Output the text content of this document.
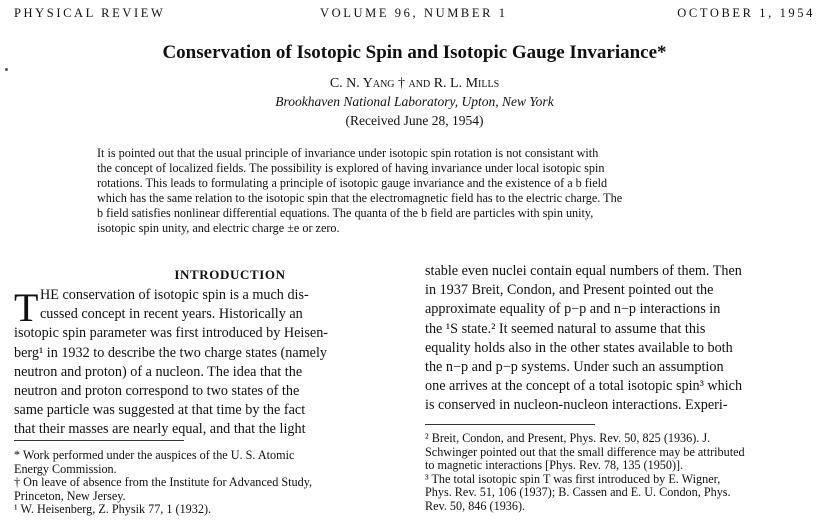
PHYSICAL REVIEW	VOLUME 96, NUMBER 1	OCTOBER 1, 1954
Conservation of Isotopic Spin and Isotopic Gauge Invariance*
C. N. Yang † and R. L. Mills
Brookhaven National Laboratory, Upton, New York
(Received June 28, 1954)
It is pointed out that the usual principle of invariance under isotopic spin rotation is not consistant with
the concept of localized fields. The possibility is explored of having invariance under local isotopic spin
rotations. This leads to formulating a principle of isotopic gauge invariance and the existence of a b field
which has the same relation to the isotopic spin that the electromagnetic field has to the electric charge. The
b field satisfies nonlinear differential equations. The quanta of the b field are particles with spin unity,
isotopic spin unity, and electric charge ±e or zero.
INTRODUCTION
T HE conservation of isotopic spin is a much dis-
cussed concept in recent years. Historically an
isotopic spin parameter was first introduced by Heisen-
berg¹ in 1932 to describe the two charge states (namely
neutron and proton) of a nucleon. The idea that the
neutron and proton correspond to two states of the
same particle was suggested at that time by the fact
that their masses are nearly equal, and that the light
* Work performed under the auspices of the U. S. Atomic
Energy Commission.
† On leave of absence from the Institute for Advanced Study,
Princeton, New Jersey.
¹ W. Heisenberg, Z. Physik 77, 1 (1932).
stable even nuclei contain equal numbers of them. Then
in 1937 Breit, Condon, and Present pointed out the
approximate equality of p−p and n−p interactions in
the ¹S state.² It seemed natural to assume that this
equality holds also in the other states available to both
the n−p and p−p systems. Under such an assumption
one arrives at the concept of a total isotopic spin³ which
is conserved in nucleon-nucleon interactions. Experi-
² Breit, Condon, and Present, Phys. Rev. 50, 825 (1936). J.
Schwinger pointed out that the small difference may be attributed
to magnetic interactions [Phys. Rev. 78, 135 (1950)].
³ The total isotopic spin T was first introduced by E. Wigner,
Phys. Rev. 51, 106 (1937); B. Cassen and E. U. Condon, Phys.
Rev. 50, 846 (1936).
